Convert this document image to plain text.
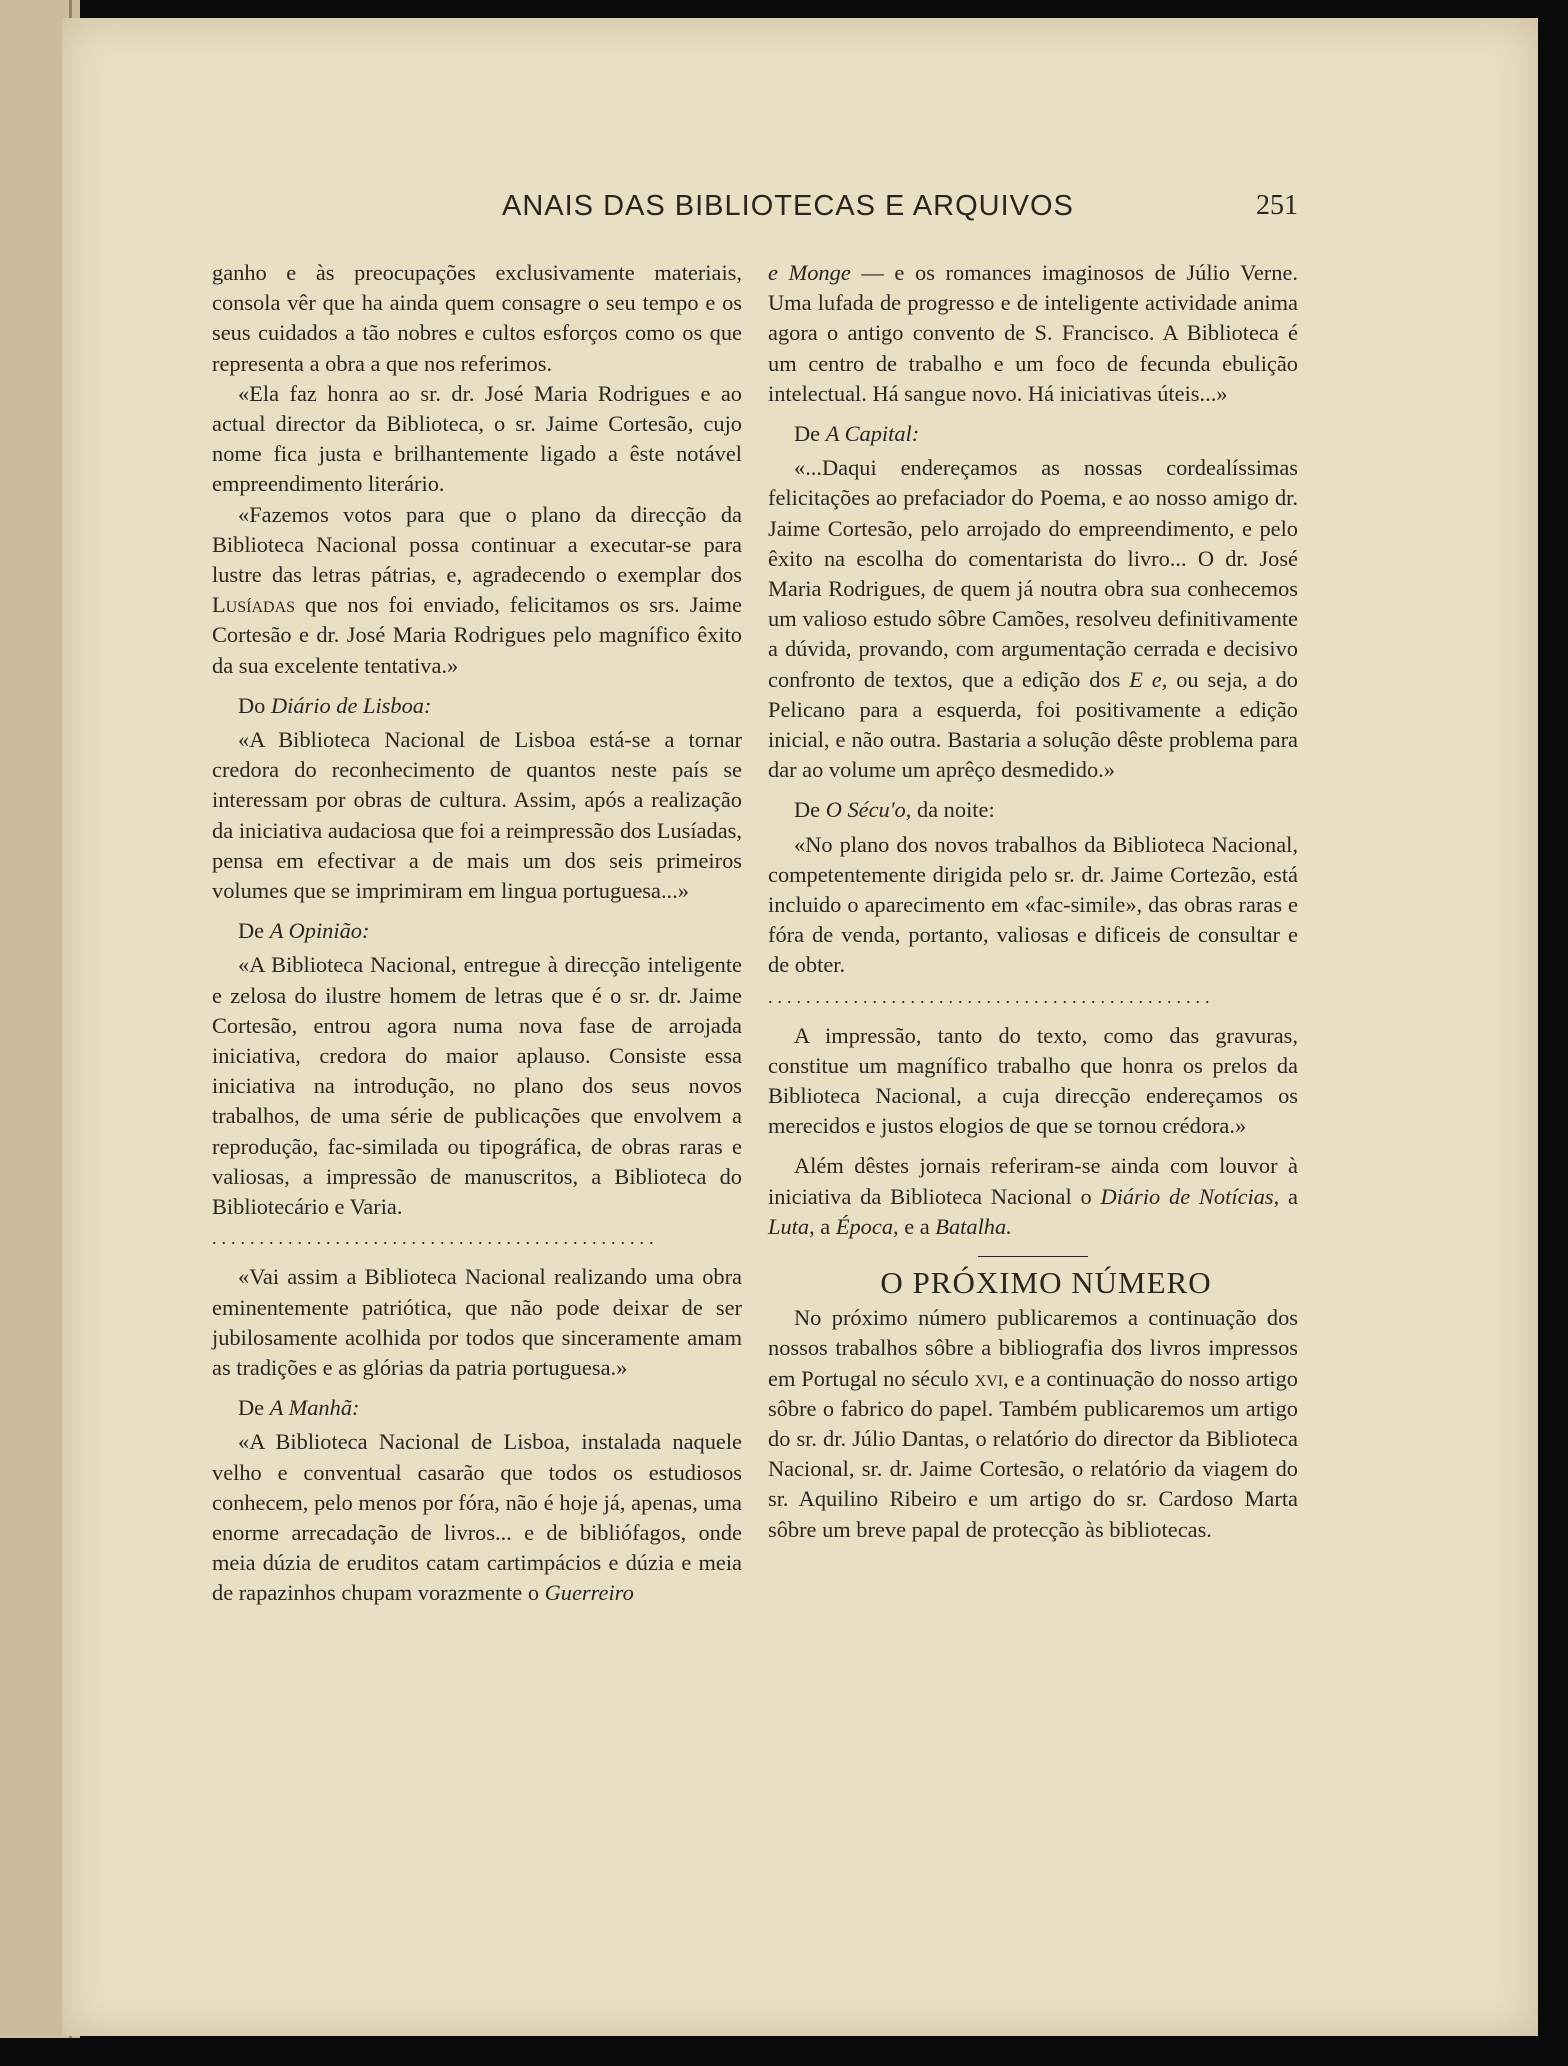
ANAIS DAS BIBLIOTECAS E ARQUIVOS	251

ganho e às preocupações exclusivamente materiais, consola vêr que ha ainda quem consagre o seu tempo e os seus cuidados a tão nobres e cultos esforços como os que representa a obra a que nos referimos.

«Ela faz honra ao sr. dr. José Maria Rodrigues e ao actual director da Biblioteca, o sr. Jaime Cortesão, cujo nome fica justa e brilhantemente ligado a êste notável empreendimento literário.

«Fazemos votos para que o plano da direcção da Biblioteca Nacional possa continuar a executar-se para lustre das letras pátrias, e, agradecendo o exemplar dos Lusíadas que nos foi enviado, felicitamos os srs. Jaime Cortesão e dr. José Maria Rodrigues pelo magnífico êxito da sua excelente tentativa.»

Do Diário de Lisboa:

«A Biblioteca Nacional de Lisboa está-se a tornar credora do reconhecimento de quantos neste país se interessam por obras de cultura. Assim, após a realização da iniciativa audaciosa que foi a reimpressão dos Lusíadas, pensa em efectivar a de mais um dos seis primeiros volumes que se imprimiram em lingua portuguesa...»

De A Opinião:

«A Biblioteca Nacional, entregue à direcção inteligente e zelosa do ilustre homem de letras que é o sr. dr. Jaime Cortesão, entrou agora numa nova fase de arrojada iniciativa, credora do maior aplauso. Consiste essa iniciativa na introdução, no plano dos seus novos trabalhos, de uma série de publicações que envolvem a reprodução, fac-similada ou tipográfica, de obras raras e valiosas, a impressão de manuscritos, a Biblioteca do Bibliotecário e Varia.

...............................................

«Vai assim a Biblioteca Nacional realizando uma obra eminentemente patriótica, que não pode deixar de ser jubilosamente acolhida por todos que sinceramente amam as tradições e as glórias da patria portuguesa.»

De A Manhã:

«A Biblioteca Nacional de Lisboa, instalada naquele velho e conventual casarão que todos os estudiosos conhecem, pelo menos por fóra, não é hoje já, apenas, uma enorme arrecadação de livros... e de bibliófagos, onde meia dúzia de eruditos catam cartimpácios e dúzia e meia de rapazinhos chupam vorazmente o Guerreiro

e Monge — e os romances imaginosos de Júlio Verne. Uma lufada de progresso e de inteligente actividade anima agora o antigo convento de S. Francisco. A Biblioteca é um centro de trabalho e um foco de fecunda ebulição intelectual. Há sangue novo. Há iniciativas úteis...»

De A Capital:

«...Daqui endereçamos as nossas cordealíssimas felicitações ao prefaciador do Poema, e ao nosso amigo dr. Jaime Cortesão, pelo arrojado do empreendimento, e pelo êxito na escolha do comentarista do livro... O dr. José Maria Rodrigues, de quem já noutra obra sua conhecemos um valioso estudo sôbre Camões, resolveu definitivamente a dúvida, provando, com argumentação cerrada e decisivo confronto de textos, que a edição dos E e, ou seja, a do Pelicano para a esquerda, foi positivamente a edição inicial, e não outra. Bastaria a solução dêste problema para dar ao volume um aprêço desmedido.»

De O Sécu'o, da noite:

«No plano dos novos trabalhos da Biblioteca Nacional, competentemente dirigida pelo sr. dr. Jaime Cortezão, está incluido o aparecimento em «fac-simile», das obras raras e fóra de venda, portanto, valiosas e dificeis de consultar e de obter.

...............................................

A impressão, tanto do texto, como das gravuras, constitue um magnífico trabalho que honra os prelos da Biblioteca Nacional, a cuja direcção endereçamos os merecidos e justos elogios de que se tornou crédora.»

Além dêstes jornais referiram-se ainda com louvor à iniciativa da Biblioteca Nacional o Diário de Notícias, a Luta, a Época, e a Batalha.

O PRÓXIMO NÚMERO

No próximo número publicaremos a continuação dos nossos trabalhos sôbre a bibliografia dos livros impressos em Portugal no século xvi, e a continuação do nosso artigo sôbre o fabrico do papel. Também publicaremos um artigo do sr. dr. Júlio Dantas, o relatório do director da Biblioteca Nacional, sr. dr. Jaime Cortesão, o relatório da viagem do sr. Aquilino Ribeiro e um artigo do sr. Cardoso Marta sôbre um breve papal de protecção às bibliotecas.
